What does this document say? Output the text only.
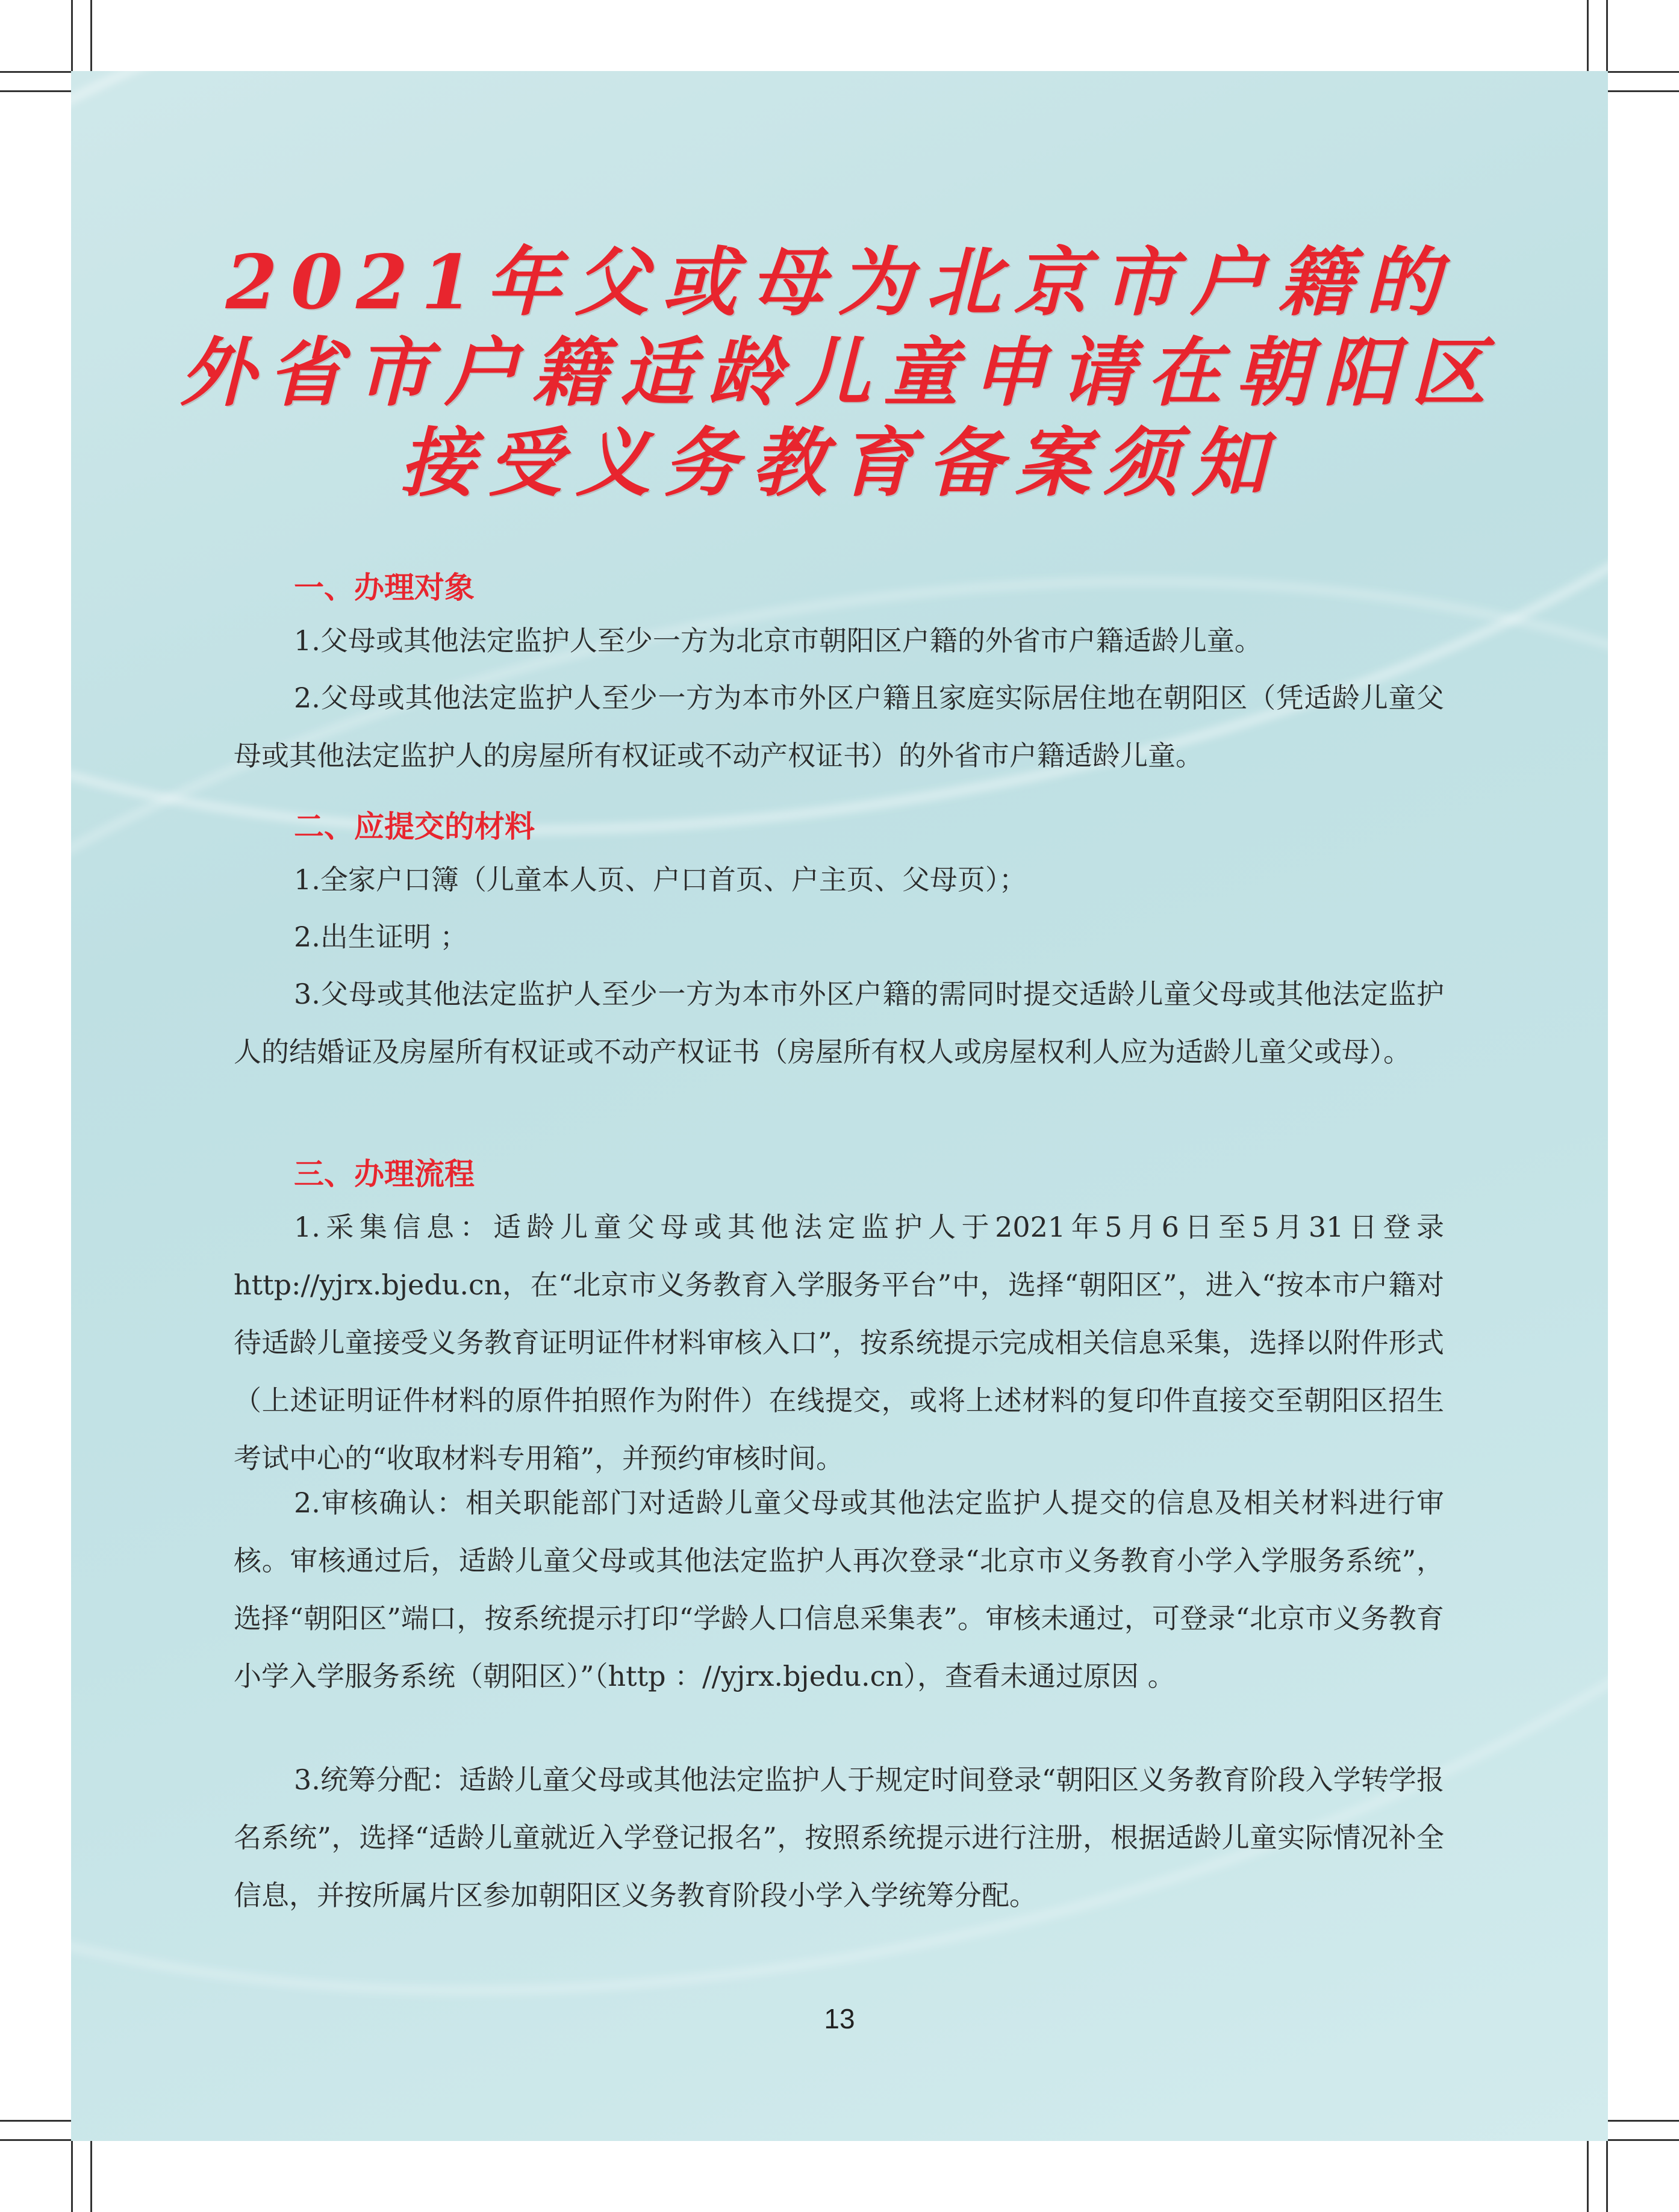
2021年父或母为北京市户籍的
外省市户籍适龄儿童申请在朝阳区
接受义务教育备案须知
一、办理对象
1.父母或其他法定监护人至少一方为北京市朝阳区户籍的外省市户籍适龄儿童。
2.父母或其他法定监护人至少一方为本市外区户籍且家庭实际居住地在朝阳区（凭适龄儿童父母或其他法定监护人的房屋所有权证或不动产权证书）的外省市户籍适龄儿童。
二、应提交的材料
1.全家户口簿（儿童本人页、户口首页、户主页、父母页）；
2.出生证明 ；
3.父母或其他法定监护人至少一方为本市外区户籍的需同时提交适龄儿童父母或其他法定监护人的结婚证及房屋所有权证或不动产权证书（房屋所有权人或房屋权利人应为适龄儿童父或母）。
三、办理流程
1.采集信息：适龄儿童父母或其他法定监护人于2021年5月6日至5月31日登录 http://yjrx.bjedu.cn，在“北京市义务教育入学服务平台”中，选择“朝阳区”，进入“按本市户籍对待适龄儿童接受义务教育证明证件材料审核入口”，按系统提示完成相关信息采集，选择以附件形式（上述证明证件材料的原件拍照作为附件）在线提交，或将上述材料的复印件直接交至朝阳区招生考试中心的“收取材料专用箱”，并预约审核时间。
2.审核确认：相关职能部门对适龄儿童父母或其他法定监护人提交的信息及相关材料进行审核。审核通过后，适龄儿童父母或其他法定监护人再次登录“北京市义务教育小学入学服务系统”，选择“朝阳区”端口，按系统提示打印“学龄人口信息采集表”。审核未通过，可登录“北京市义务教育小学入学服务系统（朝阳区）”（http ：//yjrx.bjedu.cn），查看未通过原因 。
3.统筹分配：适龄儿童父母或其他法定监护人于规定时间登录“朝阳区义务教育阶段入学转学报名系统”，选择“适龄儿童就近入学登记报名”，按照系统提示进行注册，根据适龄儿童实际情况补全信息，并按所属片区参加朝阳区义务教育阶段小学入学统筹分配。
13
